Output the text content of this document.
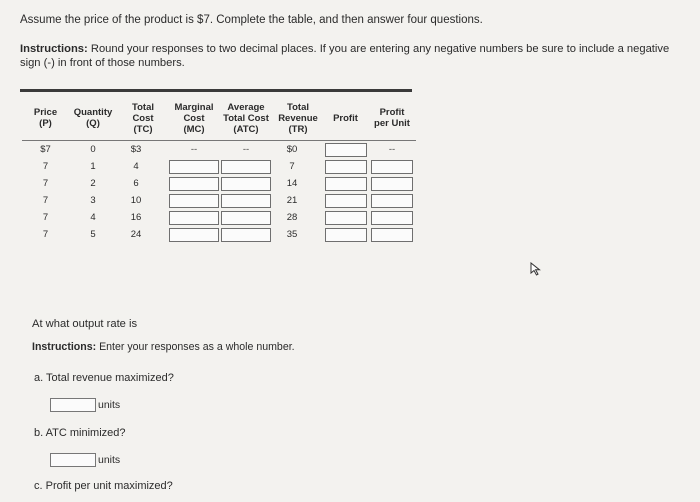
Assume the price of the product is $7. Complete the table, and then answer four questions.
Instructions: Round your responses to two decimal places. If you are entering any negative numbers be sure to include a negative
sign (-) in front of those numbers.
Price
(P)	Quantity
(Q)	Total
Cost
(TC)	Marginal
Cost
(MC)	Average
Total Cost
(ATC)	Total
Revenue
(TR)	Profit	Profit
per Unit
$7	0	$3	--	--	$0		--
7	1	4			7	

7	2	6			14	

7	3	10			21	

7	4	16			28	

7	5	24			35	

At what output rate is
Instructions: Enter your responses as a whole number.
a. Total revenue maximized?
units
b. ATC minimized?
units
c. Profit per unit maximized?
